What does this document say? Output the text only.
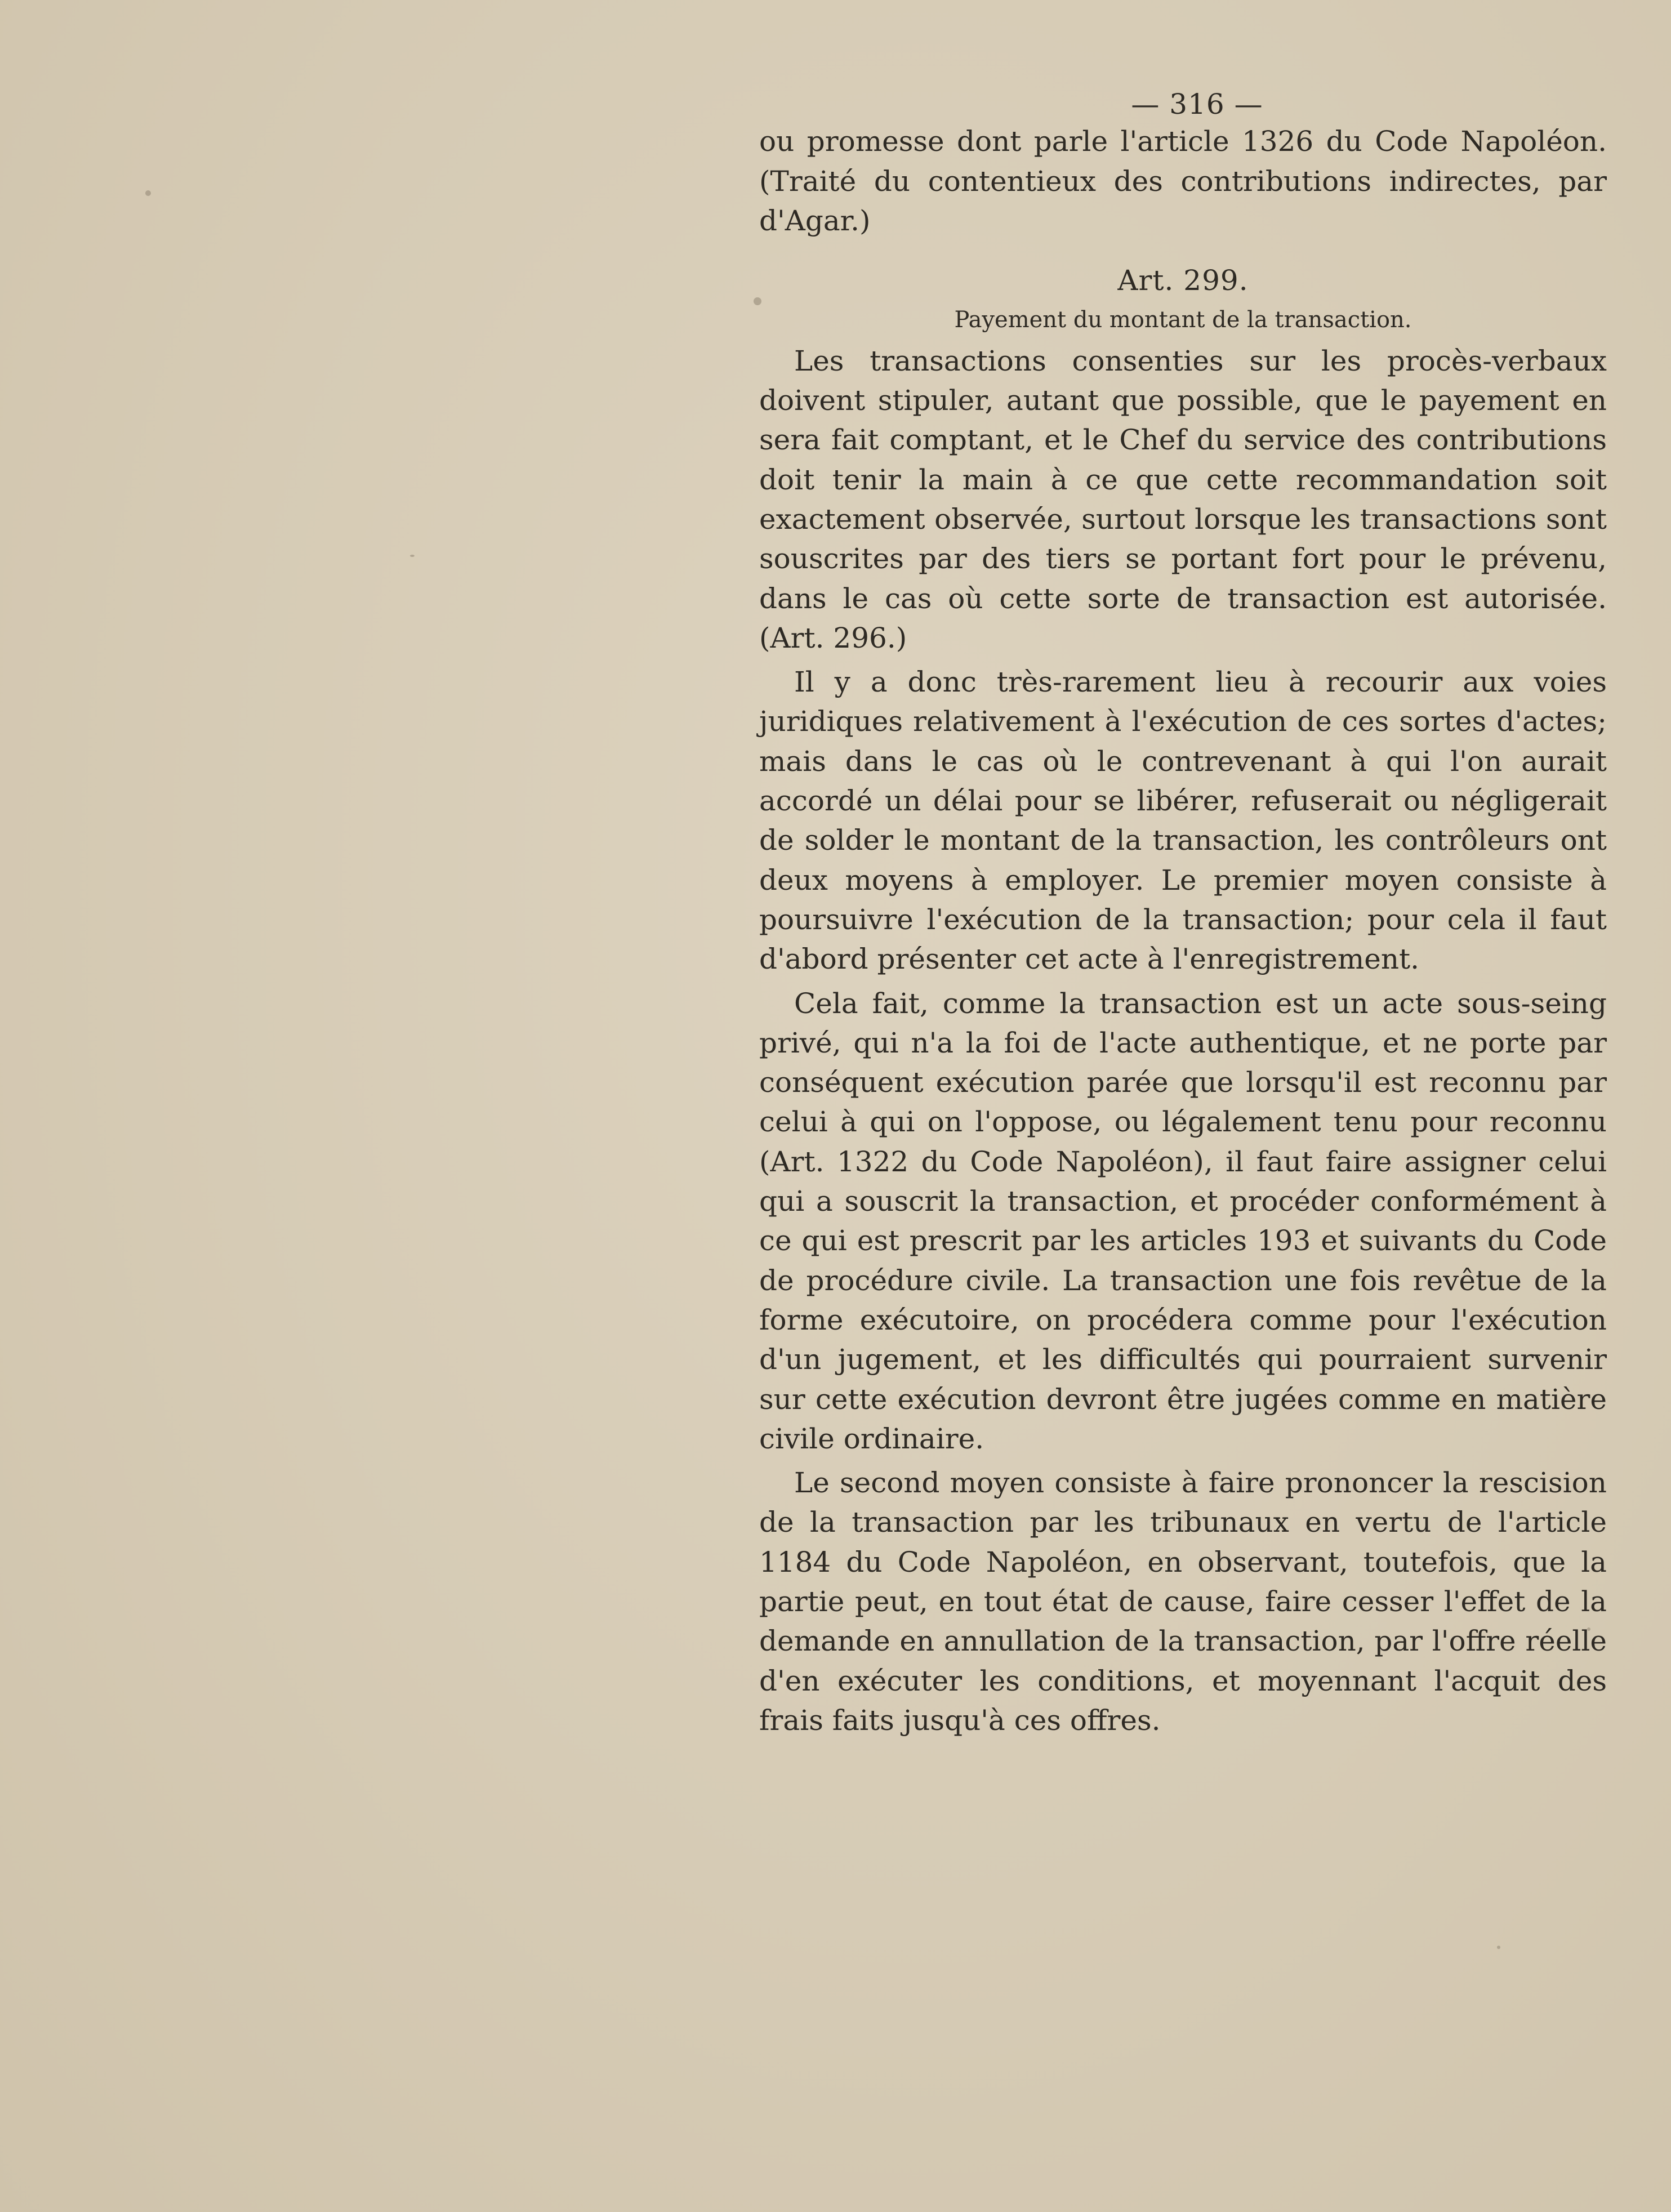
— 316 —

ou promesse dont parle l'article 1326 du Code Napoléon. (Traité du contentieux des contributions indirectes, par d'Agar.)

Art. 299.
Payement du montant de la transaction.

Les transactions consenties sur les procès-verbaux doivent stipuler, autant que possible, que le payement en sera fait comptant, et le Chef du service des contributions doit tenir la main à ce que cette recommandation soit exactement observée, surtout lorsque les transactions sont souscrites par des tiers se portant fort pour le prévenu, dans le cas où cette sorte de transaction est autorisée. (Art. 296.)

Il y a donc très-rarement lieu à recourir aux voies juridiques relativement à l'exécution de ces sortes d'actes; mais dans le cas où le contrevenant à qui l'on aurait accordé un délai pour se libérer, refuserait ou négligerait de solder le montant de la transaction, les contrôleurs ont deux moyens à employer. Le premier moyen consiste à poursuivre l'exécution de la transaction; pour cela il faut d'abord présenter cet acte à l'enregistrement.

Cela fait, comme la transaction est un acte sous-seing privé, qui n'a la foi de l'acte authentique, et ne porte par conséquent exécution parée que lorsqu'il est reconnu par celui à qui on l'oppose, ou légalement tenu pour reconnu (Art. 1322 du Code Napoléon), il faut faire assigner celui qui a souscrit la transaction, et procéder conformément à ce qui est prescrit par les articles 193 et suivants du Code de procédure civile. La transaction une fois revêtue de la forme exécutoire, on procédera comme pour l'exécution d'un jugement, et les difficultés qui pourraient survenir sur cette exécution devront être jugées comme en matière civile ordinaire.

Le second moyen consiste à faire prononcer la rescision de la transaction par les tribunaux en vertu de l'article 1184 du Code Napoléon, en observant, toutefois, que la partie peut, en tout état de cause, faire cesser l'effet de la demande en annullation de la transaction, par l'offre réelle d'en exécuter les conditions, et moyennant l'acquit des frais faits jusqu'à ces offres.
